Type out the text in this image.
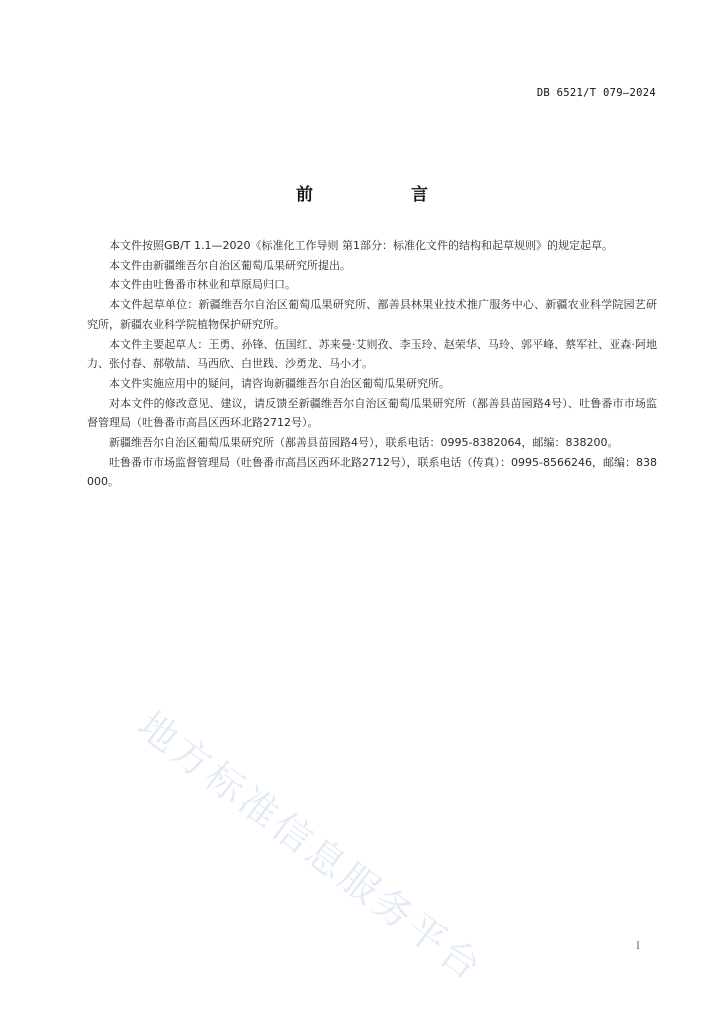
DB 6521/T 079—2024
前 言

本文件按照GB/T 1.1—2020《标准化工作导则 第1部分：标准化文件的结构和起草规则》的规定起草。

本文件由新疆维吾尔自治区葡萄瓜果研究所提出。

本文件由吐鲁番市林业和草原局归口。

本文件起草单位：新疆维吾尔自治区葡萄瓜果研究所、鄯善县林果业技术推广服务中心、新疆农业科学院园艺研究所，新疆农业科学院植物保护研究所。

本文件主要起草人：王勇、孙锋、伍国红、苏来曼·艾则孜、李玉玲、赵荣华、马玲、郭平峰、蔡军社、亚森·阿地力、张付春、郝敬喆、马西欣、白世践、沙勇龙、马小才。

本文件实施应用中的疑问，请咨询新疆维吾尔自治区葡萄瓜果研究所。

对本文件的修改意见、建议，请反馈至新疆维吾尔自治区葡萄瓜果研究所（鄯善县苗园路4号）、吐鲁番市市场监督管理局（吐鲁番市高昌区西环北路2712号）。

新疆维吾尔自治区葡萄瓜果研究所（鄯善县苗园路4号），联系电话：0995-8382064，邮编：838200。

吐鲁番市市场监督管理局（吐鲁番市高昌区西环北路2712号），联系电话（传真）：0995-8566246，邮编：838000。

地方标准信息服务平台	I
